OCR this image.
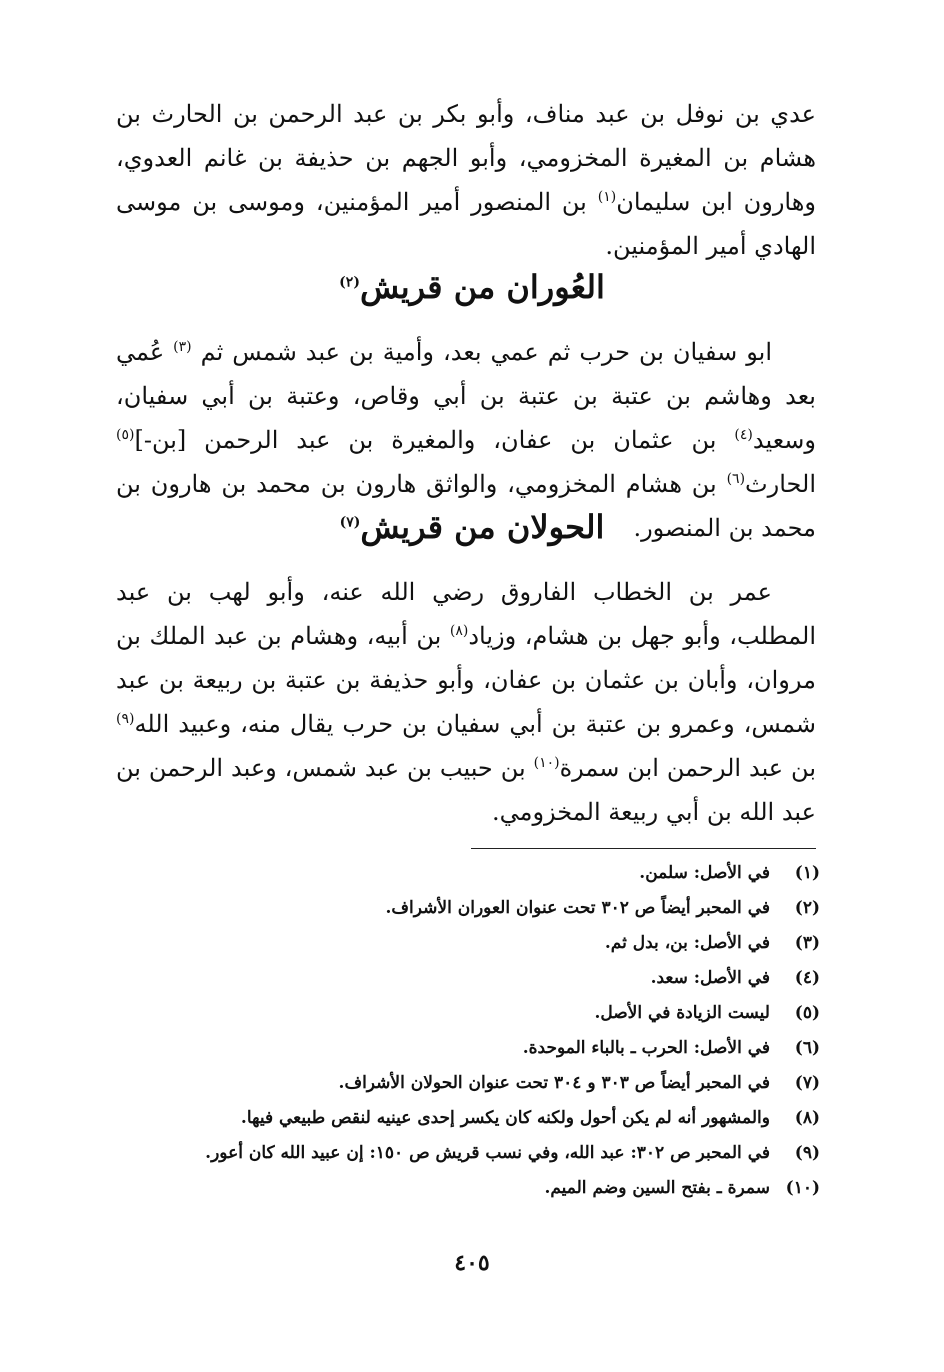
عدي بن نوفل بن عبد مناف، وأبو بكر بن عبد الرحمن بن الحارث بن هشام بن المغيرة المخزومي، وأبو الجهم بن حذيفة بن غانم العدوي، وهارون ابن سليمان$^{(١)}$ بن المنصور أمير المؤمنين، وموسى بن موسى الهادي أمير المؤمنين.

العُوران من قريش$^{(٢)}$

ابو سفيان بن حرب ثم عمي بعد، وأمية بن عبد شمس ثم $^{(٣)}$ عُمي بعد وهاشم بن عتبة بن عتبة بن أبي وقاص، وعتبة بن أبي سفيان، وسعيد$^{(٤)}$ بن عثمان بن عفان، والمغيرة بن عبد الرحمن [بن-]$^{(٥)}$ الحارث$^{(٦)}$ بن هشام المخزومي، والواثق هارون بن محمد بن هارون بن محمد بن المنصور.

الحولان من قريش$^{(٧)}$

عمر بن الخطاب الفاروق رضي الله عنه، وأبو لهب بن عبد المطلب، وأبو جهل بن هشام، وزياد$^{(٨)}$ بن أبيه، وهشام بن عبد الملك بن مروان، وأبان بن عثمان بن عفان، وأبو حذيفة بن عتبة بن ربيعة بن عبد شمس، وعمرو بن عتبة بن أبي سفيان بن حرب يقال منه، وعبيد الله$^{(٩)}$ بن عبد الرحمن ابن سمرة$^{(١٠)}$ بن حبيب بن عبد شمس، وعبد الرحمن بن عبد الله بن أبي ربيعة المخزومي.

(١)
في الأصل: سلمن.
(٢)
في المحبر أيضاً ص ٣٠٢ تحت عنوان العوران الأشراف.
(٣)
في الأصل: بن، بدل ثم.
(٤)
في الأصل: سعد.
(٥)
ليست الزيادة في الأصل.
(٦)
في الأصل: الحرب ـ بالباء الموحدة.
(٧)
في المحبر أيضاً ص ٣٠٣ و ٣٠٤ تحت عنوان الحولان الأشراف.
(٨)
والمشهور أنه لم يكن أحول ولكنه كان يكسر إحدى عينيه لنقص طبيعي فيها.
(٩)
في المحبر ص ٣٠٢: عبد الله، وفي نسب قريش ص ١٥٠: إن عبيد الله كان أعور.
(١٠)
سمرة ـ بفتح السين وضم الميم.
٤٠٥
